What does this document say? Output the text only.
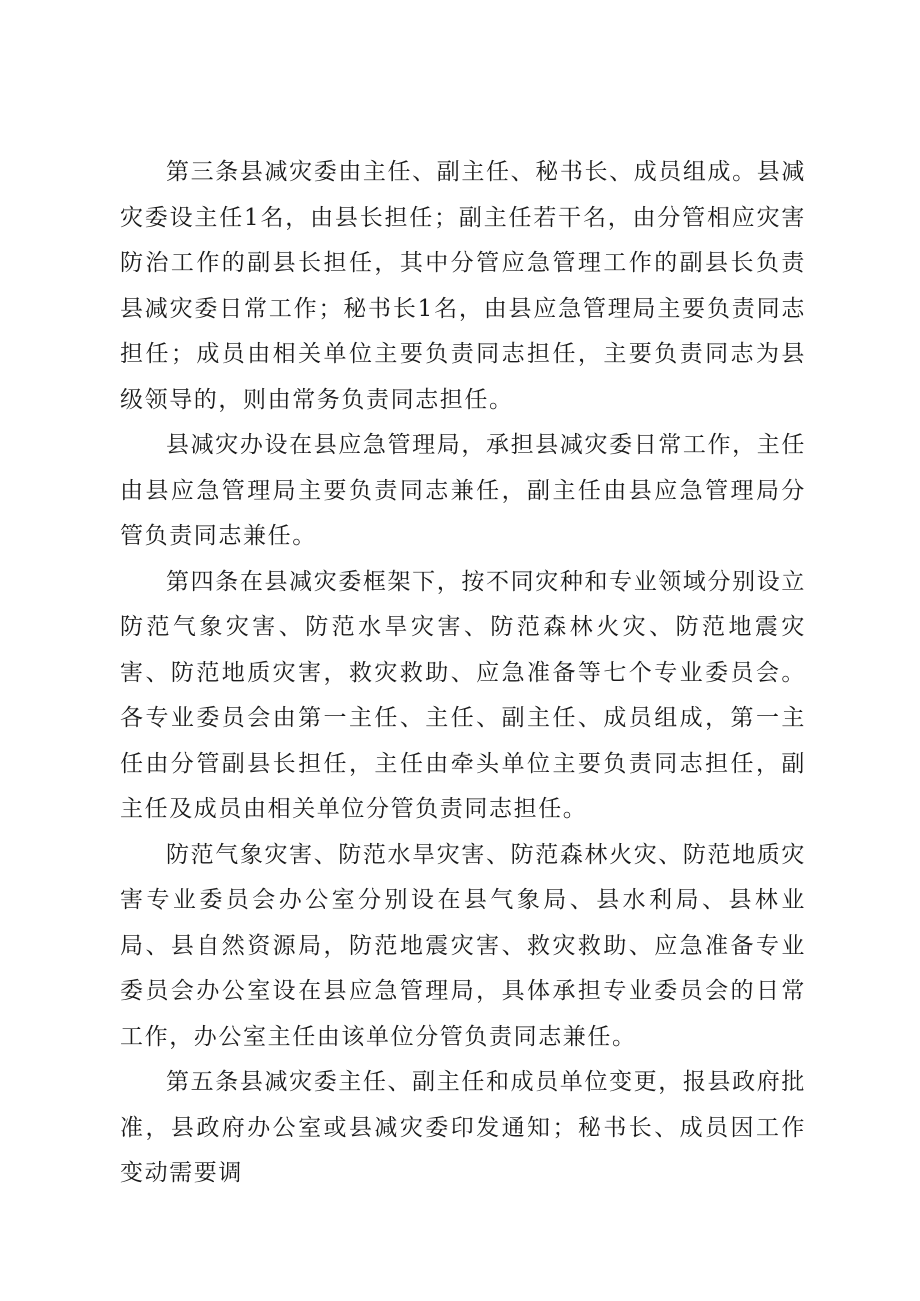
第三条县减灾委由主任、副主任、秘书长、成员组成。县减灾委设主任1名，由县长担任；副主任若干名，由分管相应灾害防治工作的副县长担任，其中分管应急管理工作的副县长负责县减灾委日常工作；秘书长1名，由县应急管理局主要负责同志担任；成员由相关单位主要负责同志担任，主要负责同志为县级领导的，则由常务负责同志担任。

县减灾办设在县应急管理局，承担县减灾委日常工作，主任由县应急管理局主要负责同志兼任，副主任由县应急管理局分管负责同志兼任。

第四条在县减灾委框架下，按不同灾种和专业领域分别设立防范气象灾害、防范水旱灾害、防范森林火灾、防范地震灾害、防范地质灾害，救灾救助、应急准备等七个专业委员会。各专业委员会由第一主任、主任、副主任、成员组成，第一主任由分管副县长担任，主任由牵头单位主要负责同志担任，副主任及成员由相关单位分管负责同志担任。

防范气象灾害、防范水旱灾害、防范森林火灾、防范地质灾害专业委员会办公室分别设在县气象局、县水利局、县林业局、县自然资源局，防范地震灾害、救灾救助、应急准备专业委员会办公室设在县应急管理局，具体承担专业委员会的日常工作，办公室主任由该单位分管负责同志兼任。

第五条县减灾委主任、副主任和成员单位变更，报县政府批准，县政府办公室或县减灾委印发通知；秘书长、成员因工作变动需要调
